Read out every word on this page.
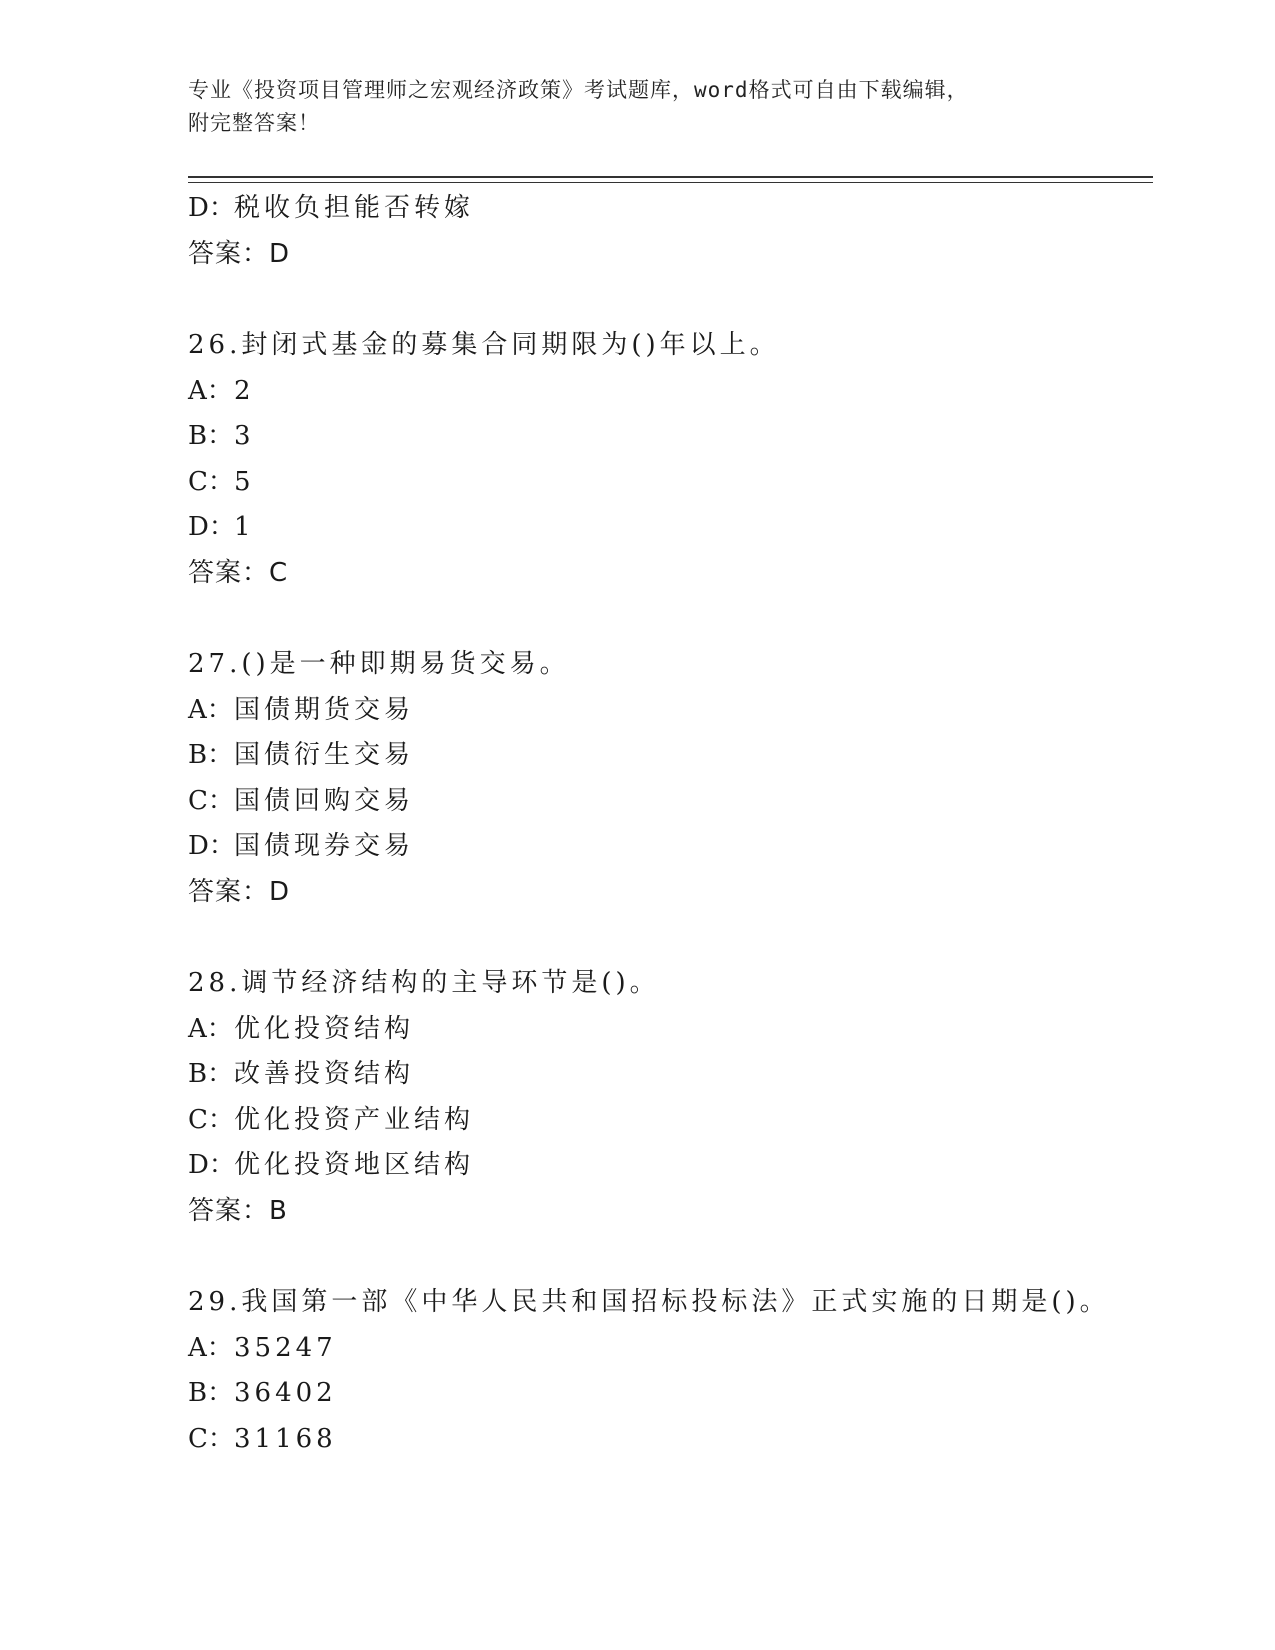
专业《投资项目管理师之宏观经济政策》考试题库，word格式可自由下载编辑，
附完整答案！
D：税收负担能否转嫁
答案：D
26.封闭式基金的募集合同期限为()年以上。
A：2
B：3
C：5
D：1
答案：C
27.()是一种即期易货交易。
A：国债期货交易
B：国债衍生交易
C：国债回购交易
D：国债现券交易
答案：D
28.调节经济结构的主导环节是()。
A：优化投资结构
B：改善投资结构
C：优化投资产业结构
D：优化投资地区结构
答案：B
29.我国第一部《中华人民共和国招标投标法》正式实施的日期是()。
A：35247
B：36402
C：31168
